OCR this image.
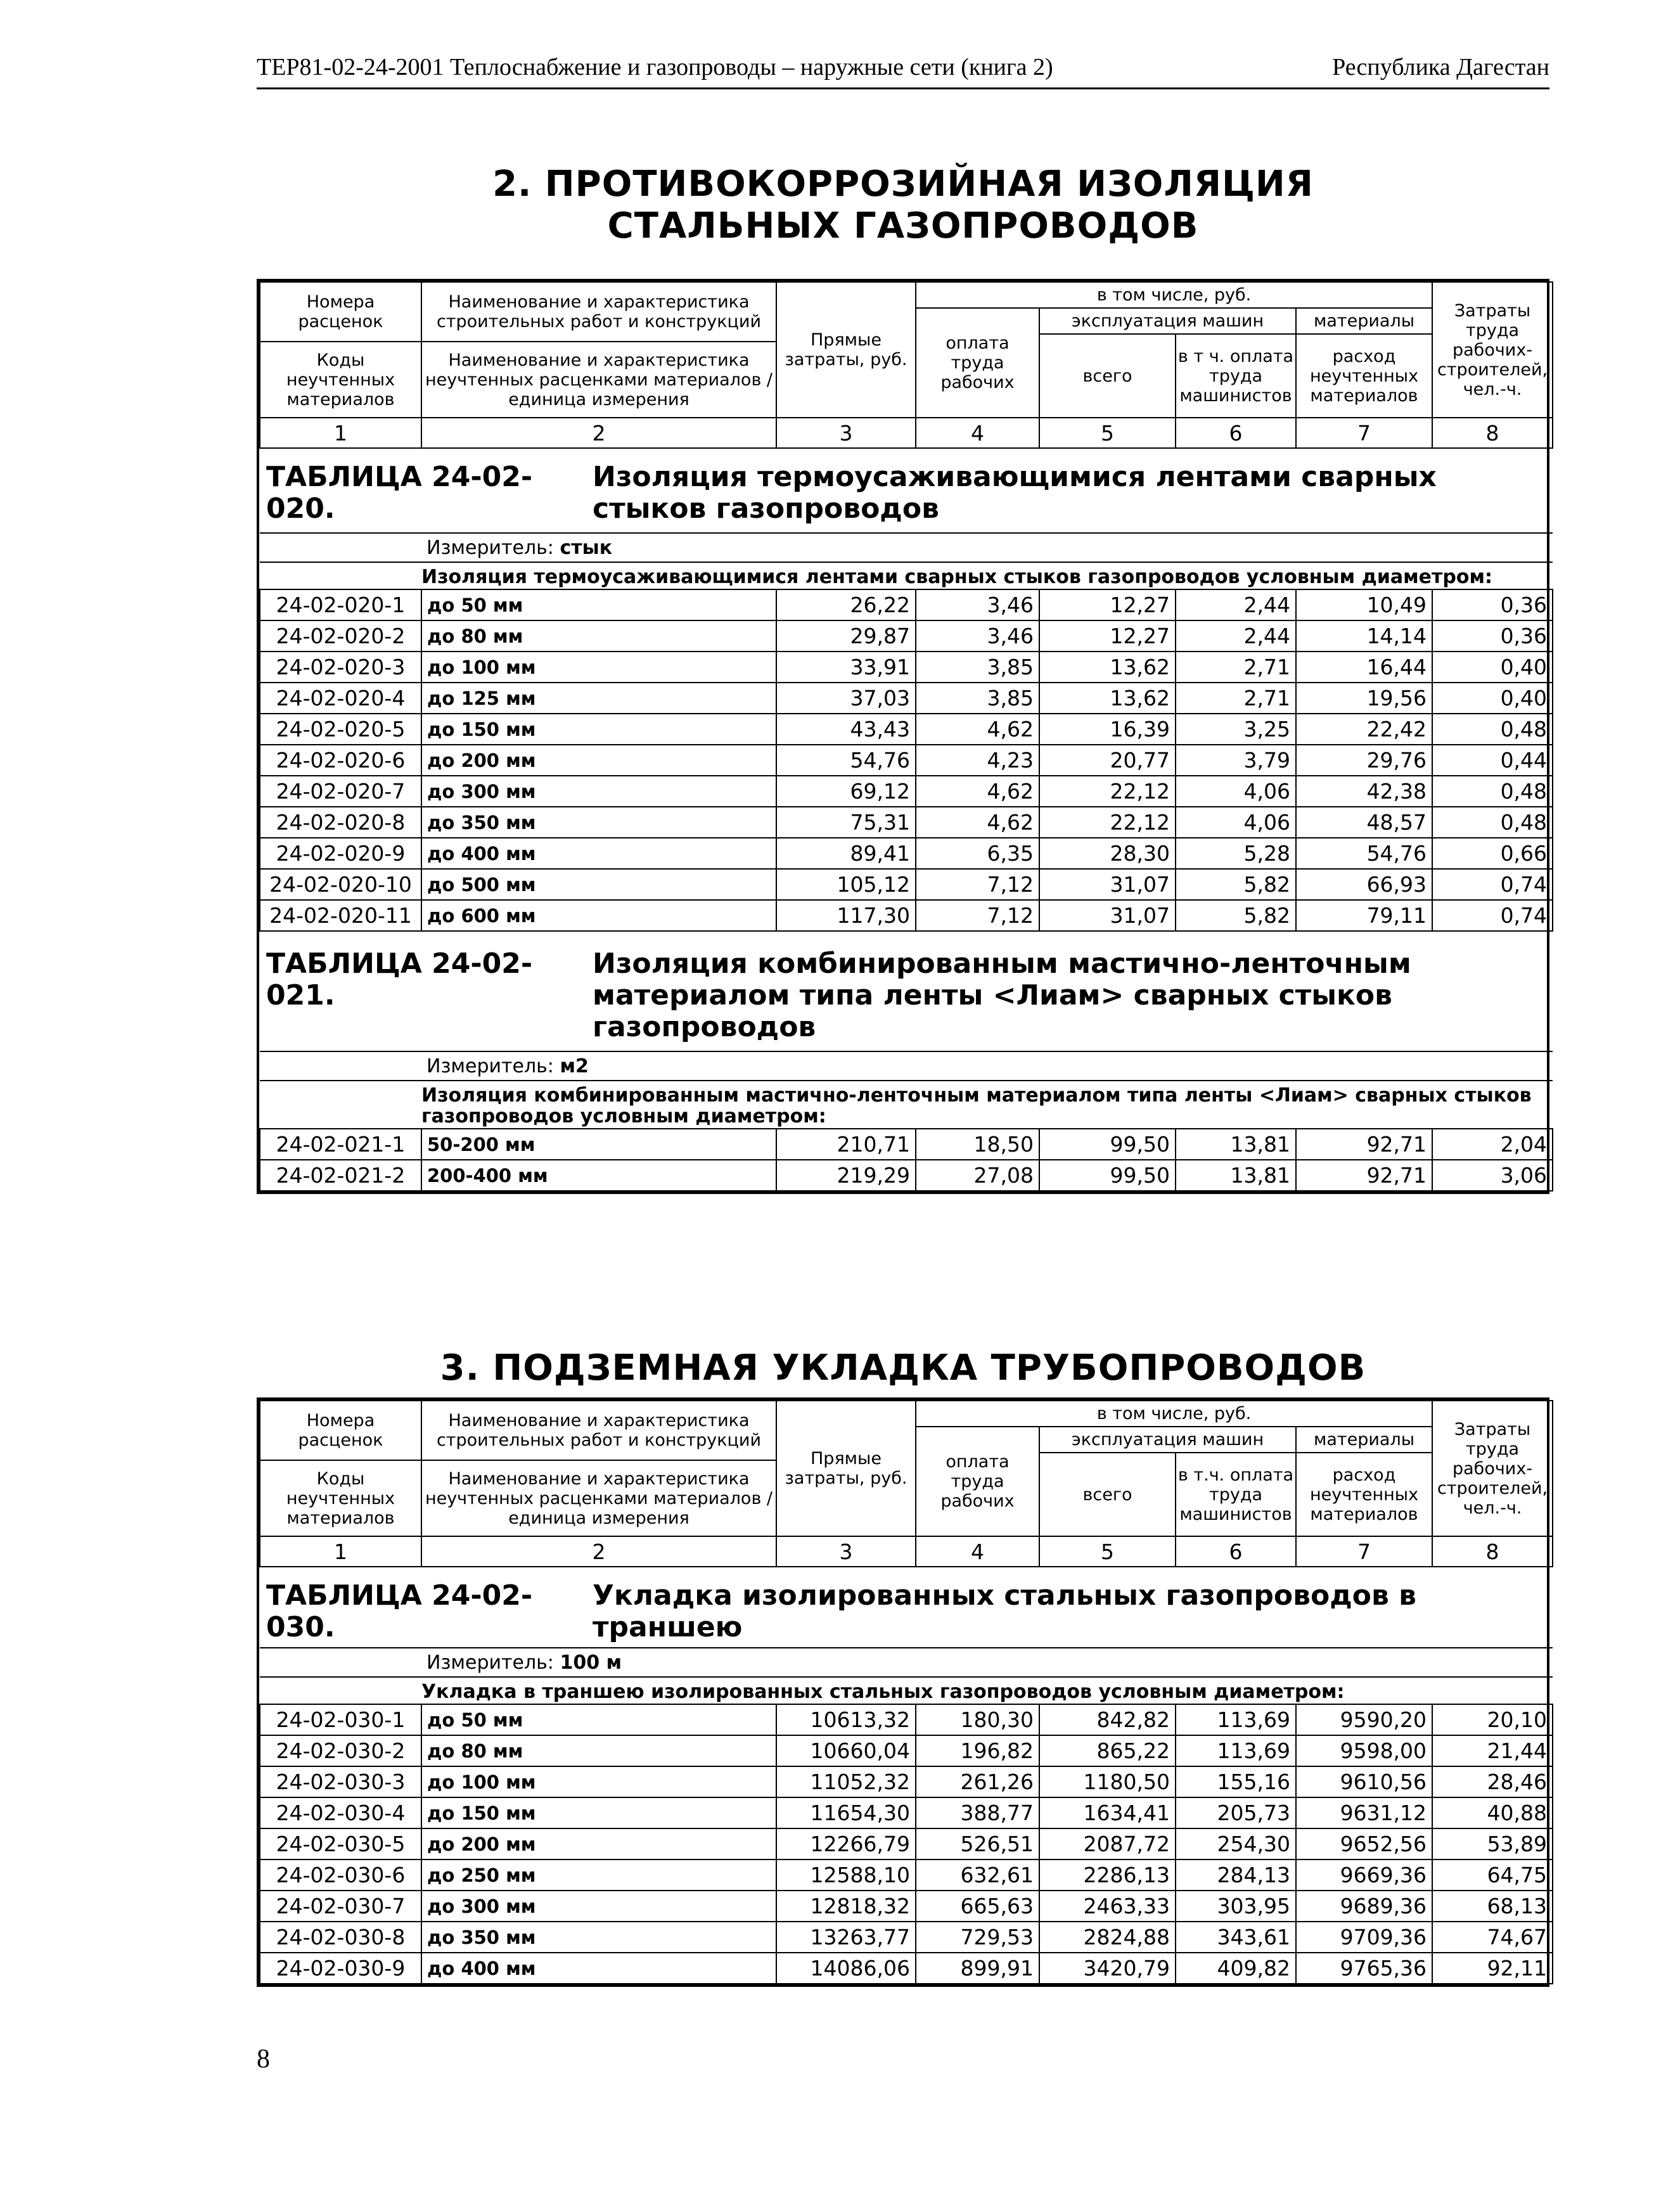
ТЕР81-02-24-2001 Теплоснабжение и газопроводы – наружные сети (книга 2)	Республика Дагестан
2. ПРОТИВОКОРРОЗИЙНАЯ ИЗОЛЯЦИЯ
СТАЛЬНЫХ ГАЗОПРОВОДОВ
Номера расценок	Наименование и характеристика строительных работ и конструкций	Прямые затраты, руб.	в том числе, руб.				Затраты труда рабочих-строителей, чел.-ч.
			оплата труда рабочих	эксплуатация машин		материалы	
				всего	в т ч. оплата труда машинистов	расход неучтенных материалов	
Коды неучтенных материалов	Наименование и характеристика неучтенных расценками материалов / единица измерения						

1	2	3	4	5	6	7	8

ТАБЛИЦА 24-02-020.
Изоляция термоусаживающимися лентами сварных стыков газопроводов							

Измеритель: стык							
Изоляция термоусаживающимися лентами сварных стыков газопроводов условным диаметром:							
24-02-020-1	до 50 мм	26,22	3,46	12,27	2,44	10,49	0,36
24-02-020-2	до 80 мм	29,87	3,46	12,27	2,44	14,14	0,36
24-02-020-3	до 100 мм	33,91	3,85	13,62	2,71	16,44	0,40
24-02-020-4	до 125 мм	37,03	3,85	13,62	2,71	19,56	0,40
24-02-020-5	до 150 мм	43,43	4,62	16,39	3,25	22,42	0,48
24-02-020-6	до 200 мм	54,76	4,23	20,77	3,79	29,76	0,44
24-02-020-7	до 300 мм	69,12	4,62	22,12	4,06	42,38	0,48
24-02-020-8	до 350 мм	75,31	4,62	22,12	4,06	48,57	0,48
24-02-020-9	до 400 мм	89,41	6,35	28,30	5,28	54,76	0,66
24-02-020-10	до 500 мм	105,12	7,12	31,07	5,82	66,93	0,74
24-02-020-11	до 600 мм	117,30	7,12	31,07	5,82	79,11	0,74

ТАБЛИЦА 24-02-021.
Изоляция комбинированным мастично-ленточным материалом типа ленты <Лиам> сварных стыков газопроводов							

Измеритель: м2							
Изоляция комбинированным мастично-ленточным материалом типа ленты <Лиам> сварных стыков газопроводов условным диаметром:							
24-02-021-1	50-200 мм	210,71	18,50	99,50	13,81	92,71	2,04
24-02-021-2	200-400 мм	219,29	27,08	99,50	13,81	92,71	3,06
3. ПОДЗЕМНАЯ УКЛАДКА ТРУБОПРОВОДОВ
Номера расценок	Наименование и характеристика строительных работ и конструкций	Прямые затраты, руб.	в том числе, руб.				Затраты труда рабочих-строителей, чел.-ч.
			оплата труда рабочих	эксплуатация машин		материалы	
				всего	в т.ч. оплата труда машинистов	расход неучтенных материалов	
Коды неучтенных материалов	Наименование и характеристика неучтенных расценками материалов / единица измерения						

1	2	3	4	5	6	7	8

ТАБЛИЦА 24-02-030.
Укладка изолированных стальных газопроводов в траншею							

Измеритель: 100 м							
Укладка в траншею изолированных стальных газопроводов условным диаметром:							
24-02-030-1	до 50 мм	10613,32	180,30	842,82	113,69	9590,20	20,10
24-02-030-2	до 80 мм	10660,04	196,82	865,22	113,69	9598,00	21,44
24-02-030-3	до 100 мм	11052,32	261,26	1180,50	155,16	9610,56	28,46
24-02-030-4	до 150 мм	11654,30	388,77	1634,41	205,73	9631,12	40,88
24-02-030-5	до 200 мм	12266,79	526,51	2087,72	254,30	9652,56	53,89
24-02-030-6	до 250 мм	12588,10	632,61	2286,13	284,13	9669,36	64,75
24-02-030-7	до 300 мм	12818,32	665,63	2463,33	303,95	9689,36	68,13
24-02-030-8	до 350 мм	13263,77	729,53	2824,88	343,61	9709,36	74,67
24-02-030-9	до 400 мм	14086,06	899,91	3420,79	409,82	9765,36	92,11
8
